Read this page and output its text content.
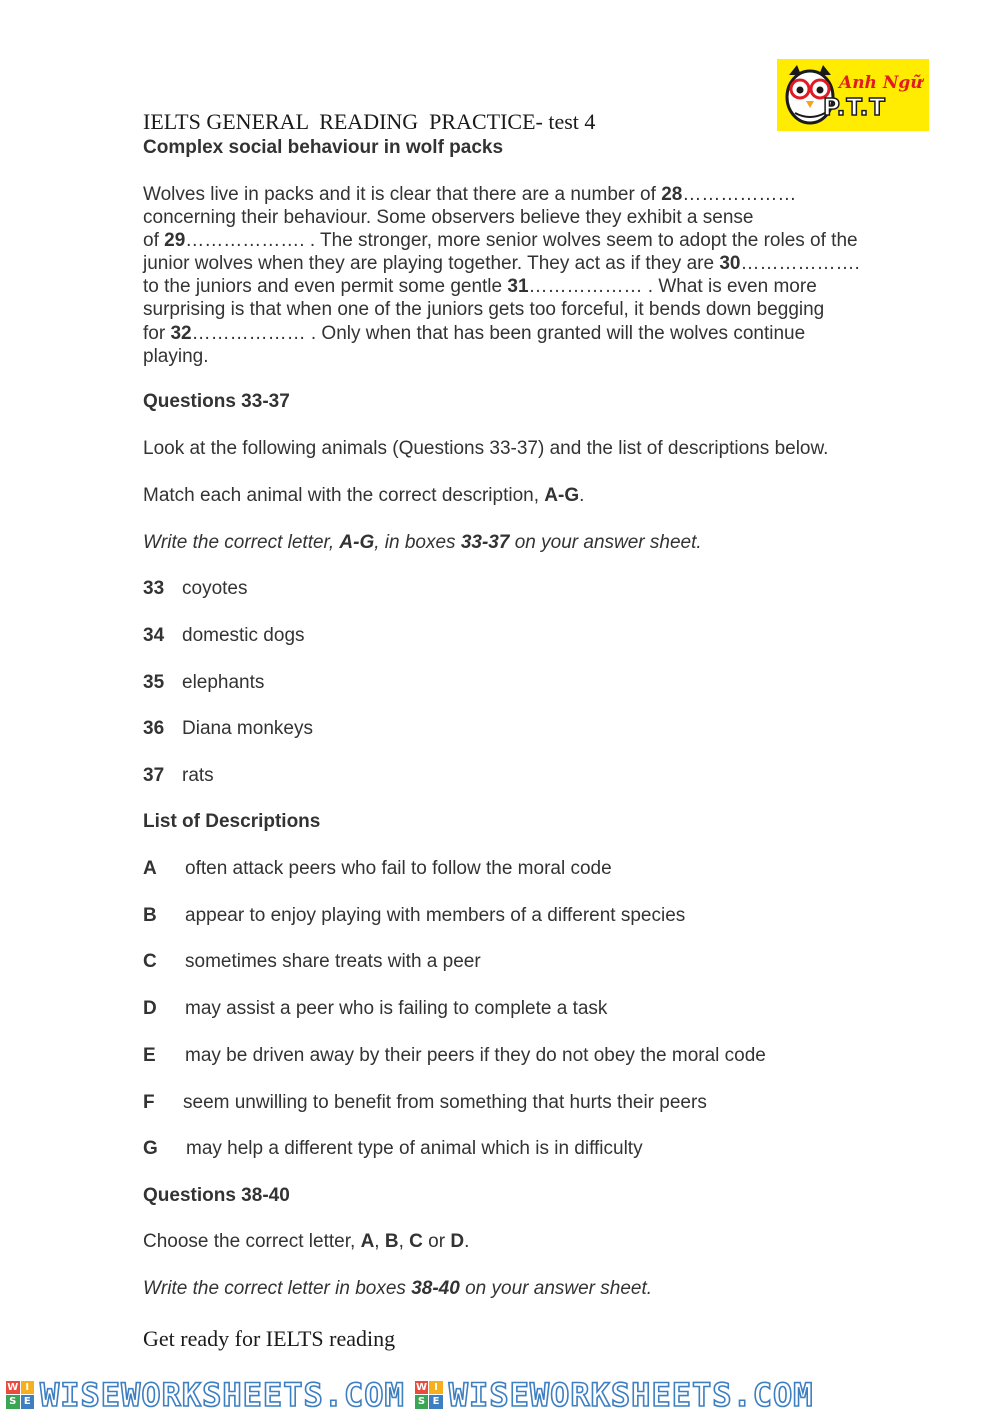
Anh Ngữ
P.T.T
IELTS GENERAL  READING  PRACTICE- test 4
Complex social behaviour in wolf packs
Wolves live in packs and it is clear that there are a number of 28………………
concerning their behaviour. Some observers believe they exhibit a sense
of 29………………. . The stronger, more senior wolves seem to adopt the roles of the
junior wolves when they are playing together. They act as if they are 30……………….
to the juniors and even permit some gentle 31……………… . What is even more
surprising is that when one of the juniors gets too forceful, it bends down begging
for 32……………… . Only when that has been granted will the wolves continue
playing.
Questions 33-37
Look at the following animals (Questions 33-37) and the list of descriptions below.
Match each animal with the correct description, A-G.
Write the correct letter, A-G, in boxes 33-37 on your answer sheet.
33 coyotes
34 domestic dogs
35 elephants
36 Diana monkeys
37 rats
List of Descriptions
A often attack peers who fail to follow the moral code
B appear to enjoy playing with members of a different species
C sometimes share treats with a peer
D may assist a peer who is failing to complete a task
E may be driven away by their peers if they do not obey the moral code
F seem unwilling to benefit from something that hurts their peers
G may help a different type of animal which is in difficulty
Questions 38-40
Choose the correct letter, A, B, C or D.
Write the correct letter in boxes 38-40 on your answer sheet.
Get ready for IELTS reading
W I
S E WISEWORKSHEETS.COM W I
S E WISEWORKSHEETS.COM
